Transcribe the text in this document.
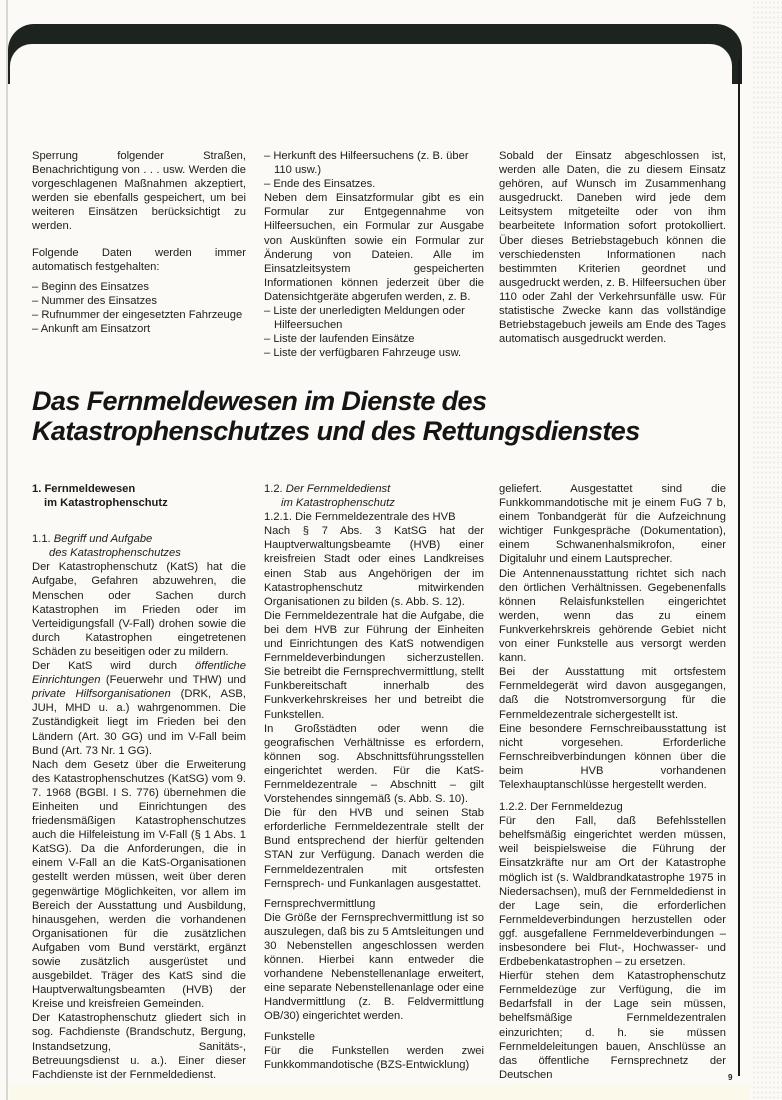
Sperrung folgender Straßen, Benachrichtigung von . . . usw. Werden die vorgeschlagenen Maßnahmen akzeptiert, werden sie ebenfalls gespeichert, um bei weiteren Einsätzen berücksichtigt zu werden.

Folgende Daten werden immer automatisch festgehalten:

– Beginn des Einsatzes
– Nummer des Einsatzes
– Rufnummer der eingesetzten Fahrzeuge
– Ankunft am Einsatzort
– Herkunft des Hilfeersuchens (z. B. über 110 usw.)
– Ende des Einsatzes.

Neben dem Einsatzformular gibt es ein Formular zur Entgegennahme von Hilfeersuchen, ein Formular zur Ausgabe von Auskünften sowie ein Formular zur Änderung von Dateien. Alle im Einsatzleitsystem gespeicherten Informationen können jederzeit über die Datensichtgeräte abgerufen werden, z. B.

– Liste der unerledigten Meldungen oder Hilfeersuchen
– Liste der laufenden Einsätze
– Liste der verfügbaren Fahrzeuge usw.

Sobald der Einsatz abgeschlossen ist, werden alle Daten, die zu diesem Einsatz gehören, auf Wunsch im Zusammenhang ausgedruckt. Daneben wird jede dem Leitsystem mitgeteilte oder von ihm bearbeitete Information sofort protokolliert. Über dieses Betriebstagebuch können die verschiedensten Informationen nach bestimmten Kriterien geordnet und ausgedruckt werden, z. B. Hilfeersuchen über 110 oder Zahl der Verkehrsunfälle usw. Für statistische Zwecke kann das vollständige Betriebstagebuch jeweils am Ende des Tages automatisch ausgedruckt werden.

Das Fernmeldewesen im Dienste des
Katastrophenschutzes und des Rettungsdienstes
1. Fernmeldewesen
im Katastrophenschutz
1.1. Begriff und Aufgabe
des Katastrophenschutzes

Der Katastrophenschutz (KatS) hat die Aufgabe, Gefahren abzuwehren, die Menschen oder Sachen durch Katastrophen im Frieden oder im Verteidigungsfall (V-Fall) drohen sowie die durch Katastrophen eingetretenen Schäden zu beseitigen oder zu mildern.

Der KatS wird durch öffentliche Einrichtungen (Feuerwehr und THW) und private Hilfsorganisationen (DRK, ASB, JUH, MHD u. a.) wahrgenommen. Die Zuständigkeit liegt im Frieden bei den Ländern (Art. 30 GG) und im V-Fall beim Bund (Art. 73 Nr. 1 GG).

Nach dem Gesetz über die Erweiterung des Katastrophenschutzes (KatSG) vom 9. 7. 1968 (BGBl. I S. 776) übernehmen die Einheiten und Einrichtungen des friedensmäßigen Katastrophenschutzes auch die Hilfeleistung im V-Fall (§ 1 Abs. 1 KatSG). Da die Anforderungen, die in einem V-Fall an die KatS-Organisationen gestellt werden müssen, weit über deren gegenwärtige Möglichkeiten, vor allem im Bereich der Ausstattung und Ausbildung, hinausgehen, werden die vorhandenen Organisationen für die zusätzlichen Aufgaben vom Bund verstärkt, ergänzt sowie zusätzlich ausgerüstet und ausgebildet. Träger des KatS sind die Hauptverwaltungsbeamten (HVB) der Kreise und kreisfreien Gemeinden.

Der Katastrophenschutz gliedert sich in sog. Fachdienste (Brandschutz, Bergung, Instandsetzung, Sanitäts-, Betreuungsdienst u. a.). Einer dieser Fachdienste ist der Fernmeldedienst.

1.2. Der Fernmeldedienst
im Katastrophenschutz

1.2.1. Die Fernmeldezentrale des HVB

Nach § 7 Abs. 3 KatSG hat der Hauptverwaltungsbeamte (HVB) einer kreisfreien Stadt oder eines Landkreises einen Stab aus Angehörigen der im Katastrophenschutz mitwirkenden Organisationen zu bilden (s. Abb. S. 12).

Die Fernmeldezentrale hat die Aufgabe, die bei dem HVB zur Führung der Einheiten und Einrichtungen des KatS notwendigen Fernmeldeverbindungen sicherzustellen. Sie betreibt die Fernsprechvermittlung, stellt Funkbereitschaft innerhalb des Funkverkehrskreises her und betreibt die Funkstellen.

In Großstädten oder wenn die geografischen Verhältnisse es erfordern, können sog. Abschnittsführungsstellen eingerichtet werden. Für die KatS-Fernmeldezentrale – Abschnitt – gilt Vorstehendes sinngemäß (s. Abb. S. 10).

Die für den HVB und seinen Stab erforderliche Fernmeldezentrale stellt der Bund entsprechend der hierfür geltenden STAN zur Verfügung. Danach werden die Fernmeldezentralen mit ortsfesten Fernsprech- und Funkanlagen ausgestattet.

Fernsprechvermittlung

Die Größe der Fernsprechvermittlung ist so auszulegen, daß bis zu 5 Amtsleitungen und 30 Nebenstellen angeschlossen werden können. Hierbei kann entweder die vorhandene Nebenstellenanlage erweitert, eine separate Nebenstellenanlage oder eine Handvermittlung (z. B. Feldvermittlung OB/30) eingerichtet werden.

Funkstelle

Für die Funkstellen werden zwei Funkkommandotische (BZS-Entwicklung)

geliefert. Ausgestattet sind die Funkkommandotische mit je einem FuG 7 b, einem Tonbandgerät für die Aufzeichnung wichtiger Funkgespräche (Dokumentation), einem Schwanenhalsmikrofon, einer Digitaluhr und einem Lautsprecher.

Die Antennenausstattung richtet sich nach den örtlichen Verhältnissen. Gegebenenfalls können Relaisfunkstellen eingerichtet werden, wenn das zu einem Funkverkehrskreis gehörende Gebiet nicht von einer Funkstelle aus versorgt werden kann.

Bei der Ausstattung mit ortsfestem Fernmeldegerät wird davon ausgegangen, daß die Notstromversorgung für die Fernmeldezentrale sichergestellt ist.

Eine besondere Fernschreibausstattung ist nicht vorgesehen. Erforderliche Fernschreibverbindungen können über die beim HVB vorhandenen Telexhauptanschlüsse hergestellt werden.

1.2.2. Der Fernmeldezug

Für den Fall, daß Befehlsstellen behelfsmäßig eingerichtet werden müssen, weil beispielsweise die Führung der Einsatzkräfte nur am Ort der Katastrophe möglich ist (s. Waldbrandkatastrophe 1975 in Niedersachsen), muß der Fernmeldedienst in der Lage sein, die erforderlichen Fernmeldeverbindungen herzustellen oder ggf. ausgefallene Fernmeldeverbindungen – insbesondere bei Flut-, Hochwasser- und Erdbebenkatastrophen – zu ersetzen.

Hierfür stehen dem Katastrophenschutz Fernmeldezüge zur Verfügung, die im Bedarfsfall in der Lage sein müssen, behelfsmäßige Fernmeldezentralen einzurichten; d. h. sie müssen Fernmeldeleitungen bauen, Anschlüsse an das öffentliche Fernsprechnetz der Deutschen	9
